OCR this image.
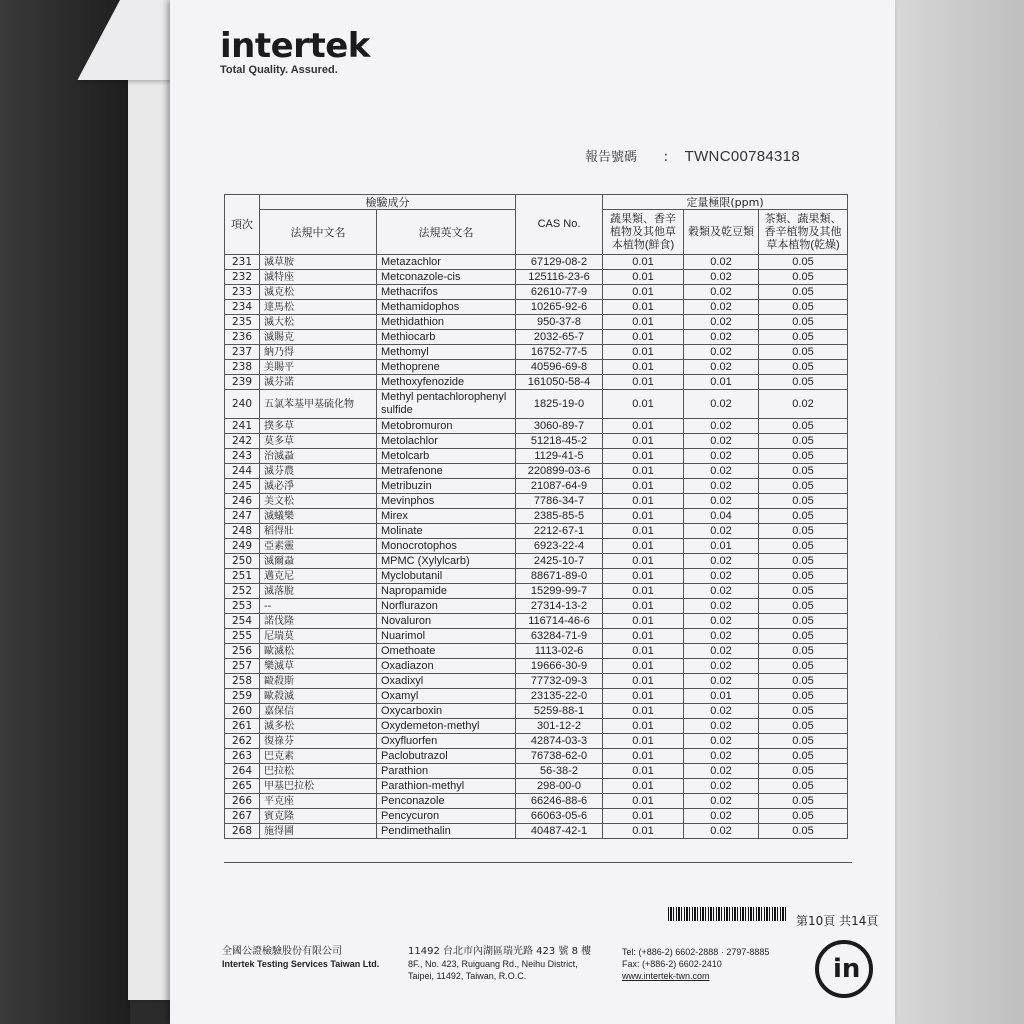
intertek
Total Quality. Assured.
報告號碼 : TWNC00784318
項次	檢驗成分		CAS No.	定量極限(ppm)		
	法規中文名	法規英文名		蔬果類、香辛植物及其他草本植物(鮮食)	穀類及乾豆類	茶類、蔬果類、香辛植物及其他草本植物(乾燥)
231	滅草胺	Metazachlor	67129-08-2	0.01	0.02	0.05
232	滅特座	Metconazole-cis	125116-23-6	0.01	0.02	0.05
233	滅克松	Methacrifos	62610-77-9	0.01	0.02	0.05
234	達馬松	Methamidophos	10265-92-6	0.01	0.02	0.05
235	滅大松	Methidathion	950-37-8	0.01	0.02	0.05
236	滅賜克	Methiocarb	2032-65-7	0.01	0.02	0.05
237	納乃得	Methomyl	16752-77-5	0.01	0.02	0.05
238	美賜平	Methoprene	40596-69-8	0.01	0.02	0.05
239	滅芬諾	Methoxyfenozide	161050-58-4	0.01	0.01	0.05
240	五氯苯基甲基硫化物	Methyl pentachlorophenyl sulfide	1825-19-0	0.01	0.02	0.02
241	撲多草	Metobromuron	3060-89-7	0.01	0.02	0.05
242	莫多草	Metolachlor	51218-45-2	0.01	0.02	0.05
243	治滅蝨	Metolcarb	1129-41-5	0.01	0.02	0.05
244	滅芬農	Metrafenone	220899-03-6	0.01	0.02	0.05
245	滅必淨	Metribuzin	21087-64-9	0.01	0.02	0.05
246	美文松	Mevinphos	7786-34-7	0.01	0.02	0.05
247	滅蟻樂	Mirex	2385-85-5	0.01	0.04	0.05
248	稻得壯	Molinate	2212-67-1	0.01	0.02	0.05
249	亞素靈	Monocrotophos	6923-22-4	0.01	0.01	0.05
250	滅爾蝨	MPMC (Xylylcarb)	2425-10-7	0.01	0.02	0.05
251	邁克尼	Myclobutanil	88671-89-0	0.01	0.02	0.05
252	滅落脫	Napropamide	15299-99-7	0.01	0.02	0.05
253	--	Norflurazon	27314-13-2	0.01	0.02	0.05
254	諾伐隆	Novaluron	116714-46-6	0.01	0.02	0.05
255	尼瑞莫	Nuarimol	63284-71-9	0.01	0.02	0.05
256	歐滅松	Omethoate	1113-02-6	0.01	0.02	0.05
257	樂滅草	Oxadiazon	19666-30-9	0.01	0.02	0.05
258	毆殺斯	Oxadixyl	77732-09-3	0.01	0.02	0.05
259	歐殺滅	Oxamyl	23135-22-0	0.01	0.01	0.05
260	嘉保信	Oxycarboxin	5259-88-1	0.01	0.02	0.05
261	滅多松	Oxydemeton-methyl	301-12-2	0.01	0.02	0.05
262	復祿芬	Oxyfluorfen	42874-03-3	0.01	0.02	0.05
263	巴克素	Paclobutrazol	76738-62-0	0.01	0.02	0.05
264	巴拉松	Parathion	56-38-2	0.01	0.02	0.05
265	甲基巴拉松	Parathion-methyl	298-00-0	0.01	0.02	0.05
266	平克座	Penconazole	66246-88-6	0.01	0.02	0.05
267	賓克隆	Pencycuron	66063-05-6	0.01	0.02	0.05
268	施得圃	Pendimethalin	40487-42-1	0.01	0.02	0.05
第10頁 共14頁
全國公證檢驗股份有限公司
Intertek Testing Services Taiwan Ltd.
11492 台北市內湖區瑞光路 423 號 8 樓
8F., No. 423, Ruiguang Rd., Neihu District,
Taipei, 11492, Taiwan, R.O.C.
Tel: (+886-2) 6602-2888 · 2797-8885
Fax: (+886-2) 6602-2410
www.intertek-twn.com	in
